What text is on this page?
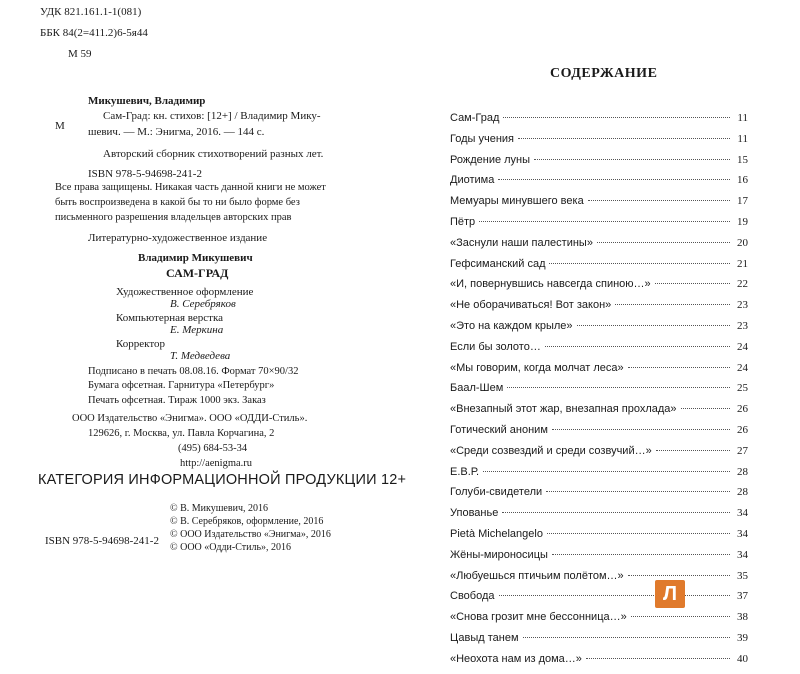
УДК 821.161.1-1(081)
ББК 84(2=411.2)6-5я44
М 59
Микушевич, Владимир
М
Сам-Град: кн. стихов: [12+] / Владимир Мику-
шевич. — М.: Энигма, 2016. — 144 с.
Авторский сборник стихотворений разных лет.
ISBN 978-5-94698-241-2
Все права защищены. Никакая часть данной книги не может
быть воспроизведена в какой бы то ни было форме без
письменного разрешения владельцев авторских прав
Литературно-художественное издание
Владимир Микушевич
САМ-ГРАД
Художественное оформление
В. Серебряков
Компьютерная верстка
Е. Меркина
Корректор
Т. Медведева
Подписано в печать 08.08.16. Формат 70×90/32
Бумага офсетная. Гарнитура «Петербург»
Печать офсетная. Тираж 1000 экз. Заказ
ООО Издательство «Энигма». ООО «ОДДИ-Стиль».
129626, г. Москва, ул. Павла Корчагина, 2
(495) 684-53-34
http://aenigma.ru
КАТЕГОРИЯ ИНФОРМАЦИОННОЙ ПРОДУКЦИИ 12+
© В. Микушевич, 2016
© В. Серебряков, оформление, 2016
© ООО Издательство «Энигма», 2016
© ООО «Одди-Стиль», 2016
ISBN 978-5-94698-241-2
СОДЕРЖАНИЕ
Сам-Град	11
Годы учения	11
Рождение луны	15
Диотима	16
Мемуары минувшего века	17
Пётр	19
«Заснули наши палестины»	20
Гефсиманский сад	21
«И, повернувшись навсегда спиною…»	22
«Не оборачиваться! Вот закон»	23
«Это на каждом крыле»	23
Если бы золото…	24
«Мы говорим, когда молчат леса»	24
Баал-Шем	25
«Внезапный этот жар, внезапная прохлада»	26
Готический аноним	26
«Среди созвездий и среди созвучий…»	27
Е.В.Р.	28
Голуби-свидетели	28
Упованье	34
Pietà Michelangelo	34
Жёны-мироносицы	34
«Любуешься птичьим полётом…»	35
Свобода	37
«Снова грозит мне бессонница…»	38
Цавыд танем	39
«Неохота нам из дома…»	40
Л
